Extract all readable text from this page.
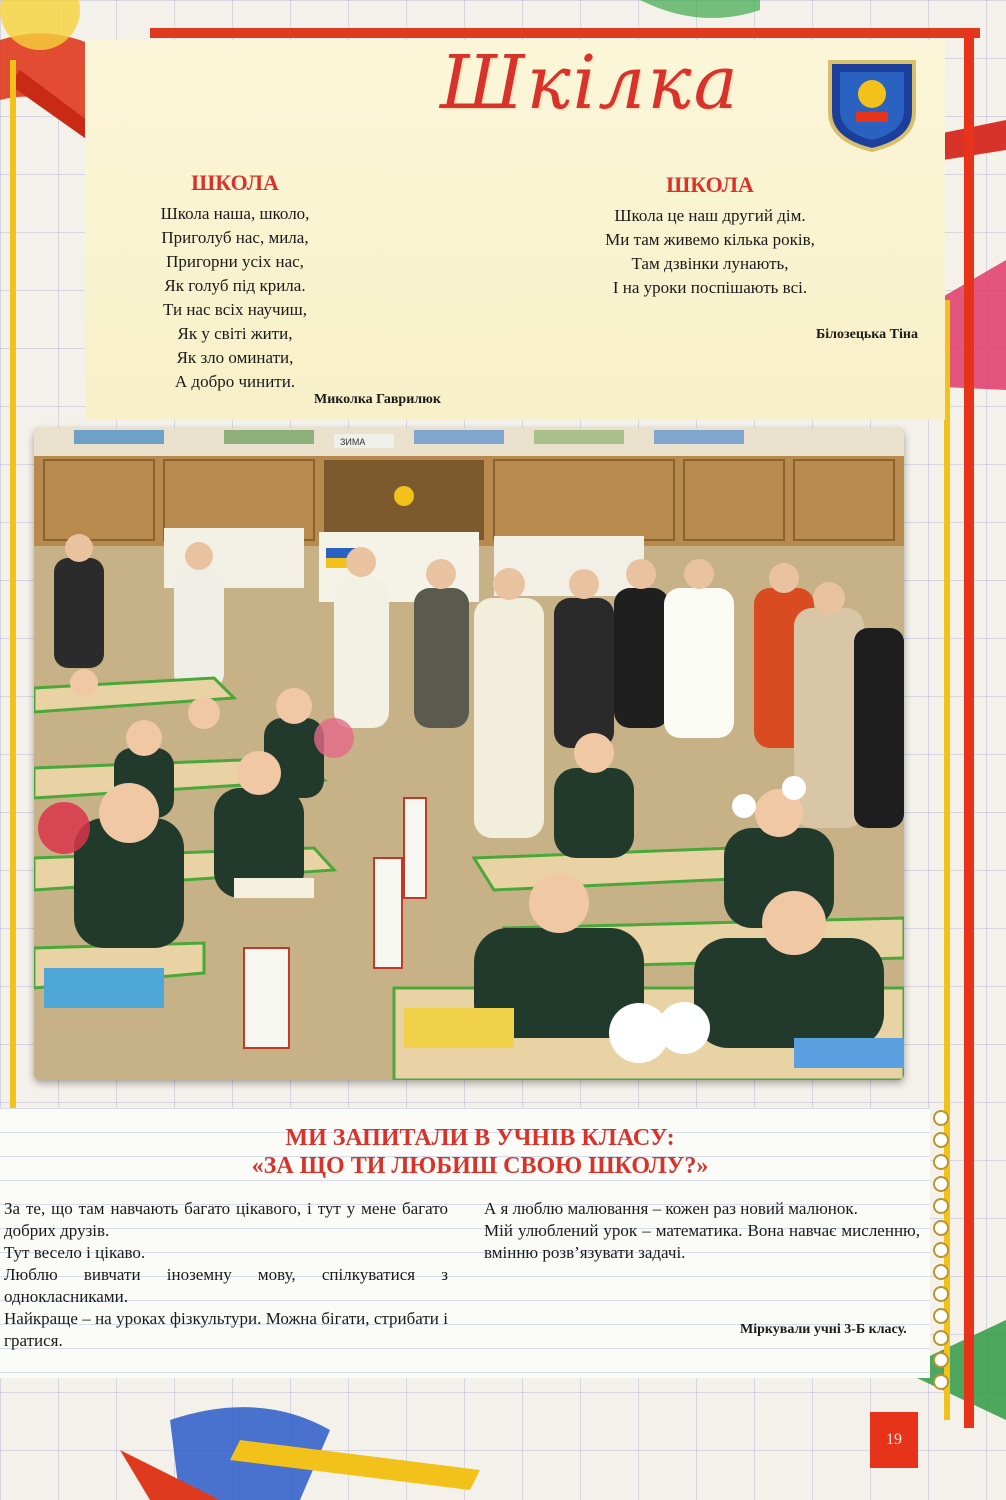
Шкілка
ШКОЛА
Школа наша, школо,
Приголуб нас, мила,
Пригорни усіх нас,
Як голуб під крила.
Ти нас всіх научиш,
Як у світі жити,
Як зло оминати,
А добро чинити.
Миколка Гаврилюк
ШКОЛА
Школа це наш другий дім.
Ми там живемо кілька років,
Там дзвінки лунають,
І на уроки поспішають всі.
Білозецька Тіна
ЗИМА
МИ ЗАПИТАЛИ В УЧНІВ КЛАСУ:
«ЗА ЩО ТИ ЛЮБИШ СВОЮ ШКОЛУ?»

За те, що там навчають багато цікавого, і тут у мене багато добрих друзів.

Тут весело і цікаво.

Люблю вивчати іноземну мову, спілкуватися з однокласниками.

Найкраще – на уроках фізкультури. Можна бігати, стрибати і гратися.

А я люблю малювання – кожен раз новий малюнок.

Мій улюблений урок – математика. Вона навчає мисленню, вмінню розв’язувати задачі.

Міркували учні 3-Б класу.
19
